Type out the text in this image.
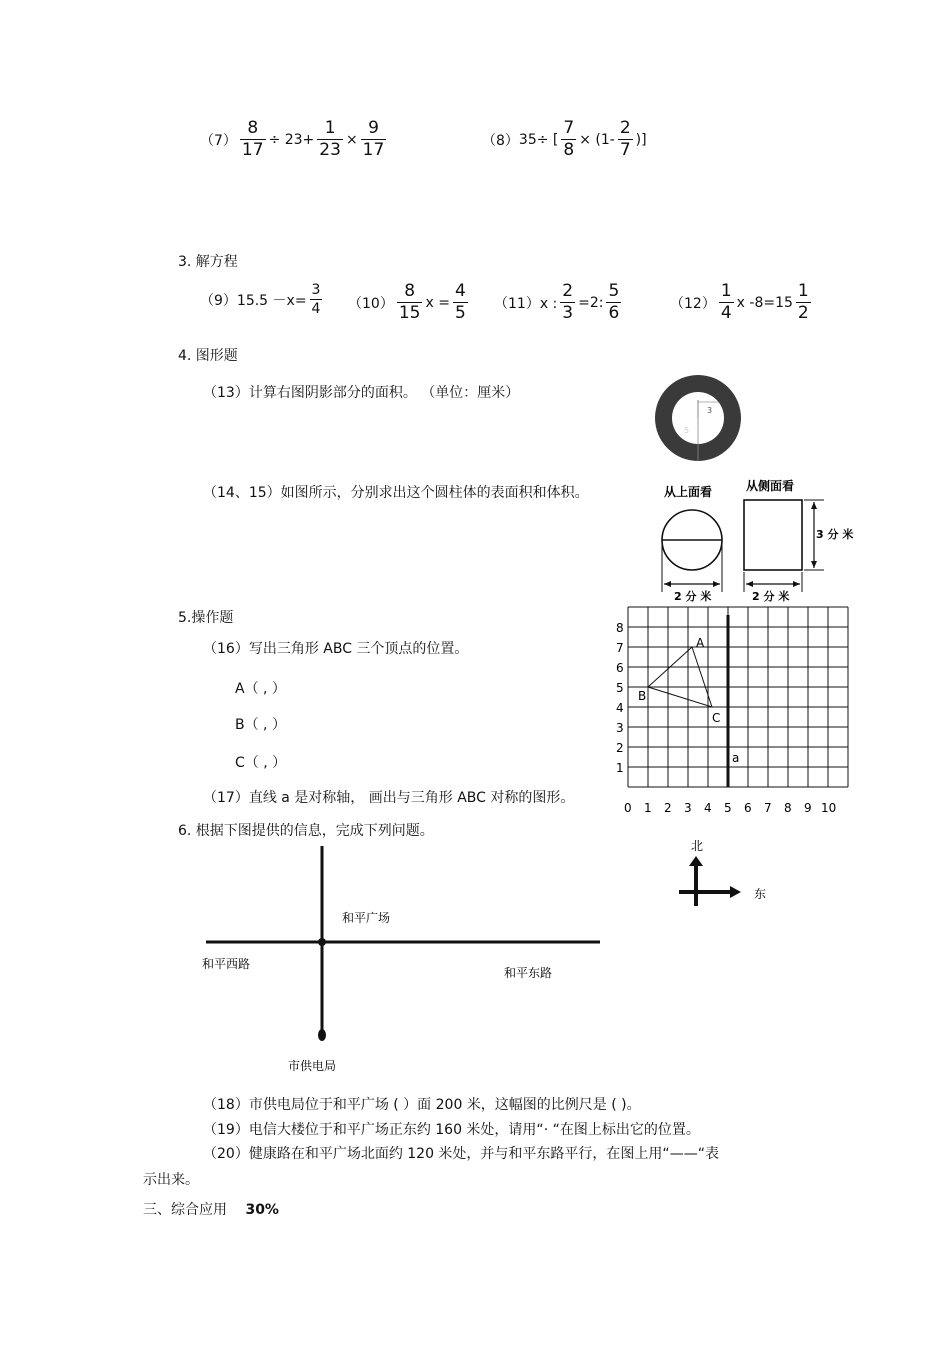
$(7) \frac{8}{17} \div 23+ \frac{1}{23} \times \frac{9}{17}$	（8） 35÷ [ $\frac{7}{8} \times (1- \frac{2}{7}$ )]
3. 解方程
$(9)15.5 -x= \frac{3}{4} (10) \frac{8}{15}$ $x = \frac{4}{5} (11)x$ : $\frac{2}{3} =2$: $\frac{5}{6}$	$(12) \frac{1}{4}$ x $-8=15 \frac{1}{2}$
4. 图形题
（13）计算右图阴影部分的面积。 （单位：厘米）
3
5
（14、15）如图所示，分别求出这个圆柱体的表面积和体积。	从上面看	从侧面看
2 分 米	2 分 米
3 分 米
5.操作题
（16）写出三角形 ABC 三个顶点的位置。
A（ , ）
B（ , ）
C（ , ）
（17）直线 a 是对称轴， 画出与三角形 ABC 对称的图形。
0 1 2 3 4 5 6 7 8 9 10
1
2
3
4
5
6
7
8
a
A
B
C
6. 根据下图提供的信息，完成下列问题。
北
东
和平广场
和平西路
和平东路
市供电局
（18）市供电局位于和平广场 ( ）面 200 米，这幅图的比例尺是 ( )。
（19）电信大楼位于和平广场正东约 160 米处，请用“· “在图上标出它的位置。
（20）健康路在和平广场北面约 120 米处，并与和平东路平行，在图上用“——“表
示出来。
三、综合应用 30%
